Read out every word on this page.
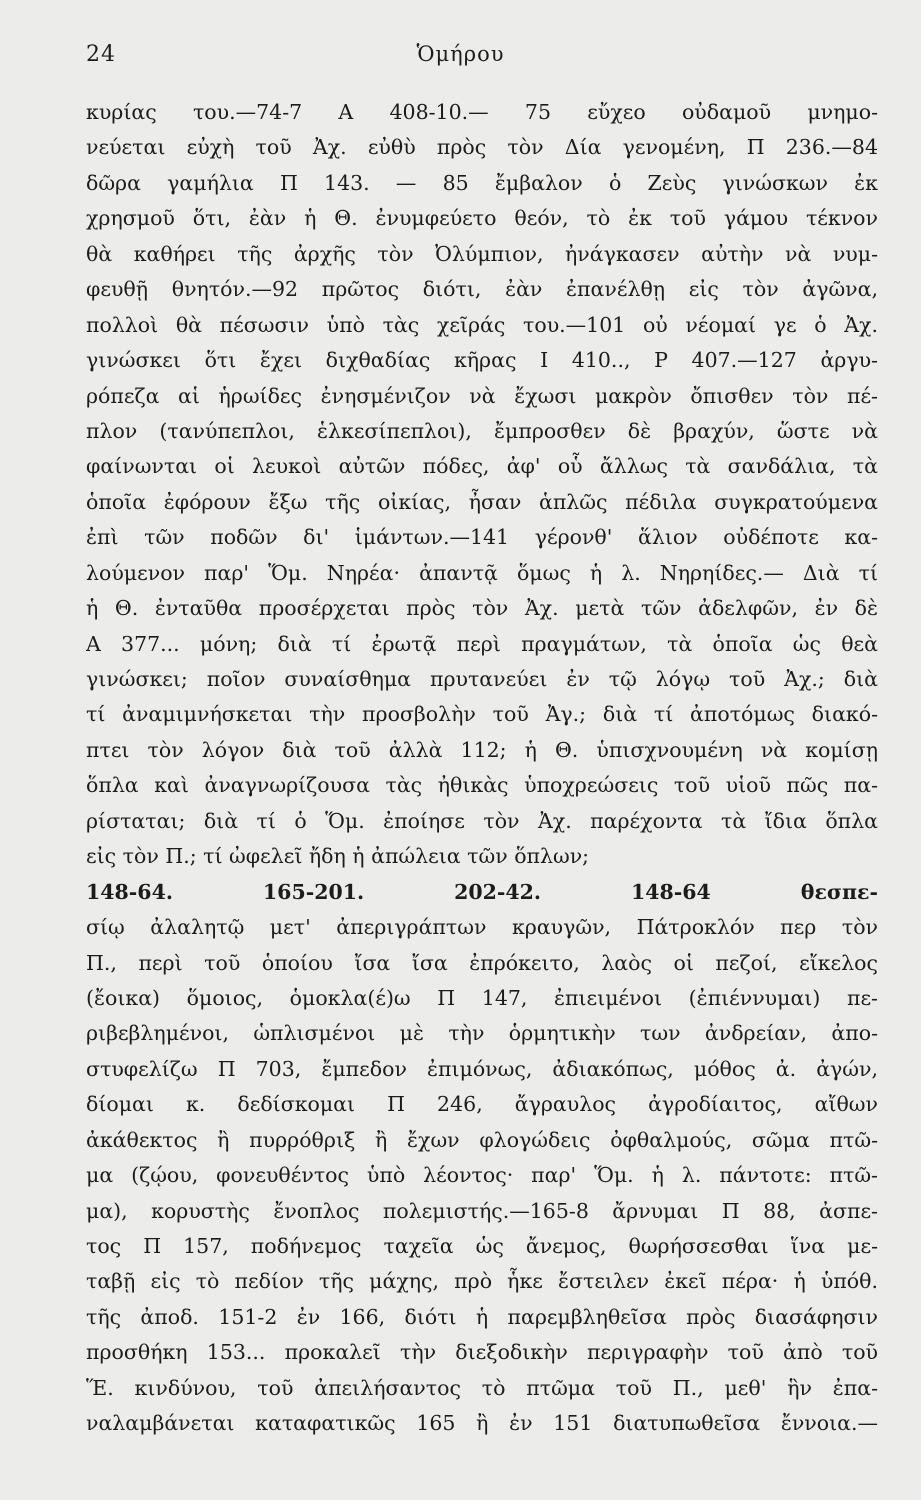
24	Ὁμήρου
κυρίας του.—74-7 Α 408-10.— 75 εὔχεο οὐδαμοῦ μνημο-
νεύεται εὐχὴ τοῦ Ἀχ. εὐθὺ πρὸς τὸν Δία γενομένη, Π 236.—84
δῶρα γαμήλια Π 143. — 85 ἔμβαλον ὁ Ζεὺς γινώσκων ἐκ
χρησμοῦ ὅτι, ἐὰν ἡ Θ. ἐνυμφεύετο θεόν, τὸ ἐκ τοῦ γάμου τέκνον
θὰ καθήρει τῆς ἀρχῆς τὸν Ὀλύμπιον, ἠνάγκασεν αὐτὴν νὰ νυμ-
φευθῇ θνητόν.—92 πρῶτος διότι, ἐὰν ἐπανέλθῃ εἰς τὸν ἀγῶνα,
πολλοὶ θὰ πέσωσιν ὑπὸ τὰς χεῖράς του.—101 οὐ νέομαί γε ὁ Ἀχ.
γινώσκει ὅτι ἔχει διχθαδίας κῆρας Ι 410.., Ρ 407.—127 ἀργυ-
ρόπεζα αἱ ἡρωίδες ἐνησμένιζον νὰ ἔχωσι μακρὸν ὄπισθεν τὸν πέ-
πλον (τανύπεπλοι, ἑλκεσίπεπλοι), ἔμπροσθεν δὲ βραχύν, ὥστε νὰ
φαίνωνται οἱ λευκοὶ αὐτῶν πόδες, ἀφ' οὗ ἄλλως τὰ σανδάλια, τὰ
ὁποῖα ἐφόρουν ἔξω τῆς οἰκίας, ἦσαν ἁπλῶς πέδιλα συγκρατούμενα
ἐπὶ τῶν ποδῶν δι' ἱμάντων.—141 γέρονθ' ἅλιον οὐδέποτε κα-
λούμενον παρ' Ὅμ. Νηρέα· ἀπαντᾷ ὅμως ἡ λ. Νηρηίδες.— Διὰ τί
ἡ Θ. ἐνταῦθα προσέρχεται πρὸς τὸν Ἀχ. μετὰ τῶν ἀδελφῶν, ἐν δὲ
Α 377... μόνη; διὰ τί ἐρωτᾷ περὶ πραγμάτων, τὰ ὁποῖα ὡς θεὰ
γινώσκει; ποῖον συναίσθημα πρυτανεύει ἐν τῷ λόγῳ τοῦ Ἀχ.; διὰ
τί ἀναμιμνήσκεται τὴν προσβολὴν τοῦ Ἀγ.; διὰ τί ἀποτόμως διακό-
πτει τὸν λόγον διὰ τοῦ ἀλλὰ 112; ἡ Θ. ὑπισχνουμένη νὰ κομίσῃ
ὅπλα καὶ ἀναγνωρίζουσα τὰς ἠθικὰς ὑποχρεώσεις τοῦ υἱοῦ πῶς πα-
ρίσταται; διὰ τί ὁ Ὅμ. ἐποίησε τὸν Ἀχ. παρέχοντα τὰ ἴδια ὅπλα
εἰς τὸν Π.; τί ὠφελεῖ ἤδη ἡ ἀπώλεια τῶν ὅπλων;
148-64. 165-201. 202-42. 148-64 θεσπε-
σίῳ ἀλαλητῷ μετ' ἀπεριγράπτων κραυγῶν, Πάτροκλόν περ τὸν
Π., περὶ τοῦ ὁποίου ἴσα ἴσα ἐπρόκειτο, λαὸς οἱ πεζοί, εἴκελος
(ἔοικα) ὅμοιος, ὁμοκλα(έ)ω Π 147, ἐπιειμένοι (ἐπιέννυμαι) πε-
ριβεβλημένοι, ὡπλισμένοι μὲ τὴν ὁρμητικὴν των ἀνδρείαν, ἀπο-
στυφελίζω Π 703, ἔμπεδον ἐπιμόνως, ἀδιακόπως, μόθος ἀ. ἀγών,
δίομαι κ. δεδίσκομαι Π 246, ἄγραυλος ἀγροδίαιτος, αἴθων
ἀκάθεκτος ἢ πυρρόθριξ ἢ ἔχων φλογώδεις ὀφθαλμούς, σῶμα πτῶ-
μα (ζῴου, φονευθέντος ὑπὸ λέοντος· παρ' Ὅμ. ἡ λ. πάντοτε: πτῶ-
μα), κορυστὴς ἔνοπλος πολεμιστής.—165-8 ἄρνυμαι Π 88, ἀσπε-
τος Π 157, ποδήνεμος ταχεῖα ὡς ἄνεμος, θωρήσσεσθαι ἵνα με-
ταβῇ εἰς τὸ πεδίον τῆς μάχης, πρὸ ἧκε ἔστειλεν ἐκεῖ πέρα· ἡ ὑπόθ.
τῆς ἀποδ. 151-2 ἐν 166, διότι ἡ παρεμβληθεῖσα πρὸς διασάφησιν
προσθήκη 153... προκαλεῖ τὴν διεξοδικὴν περιγραφὴν τοῦ ἀπὸ τοῦ
Ἕ. κινδύνου, τοῦ ἀπειλήσαντος τὸ πτῶμα τοῦ Π., μεθ' ἣν ἐπα-
ναλαμβάνεται καταφατικῶς 165 ἢ ἐν 151 διατυπωθεῖσα ἔννοια.—
